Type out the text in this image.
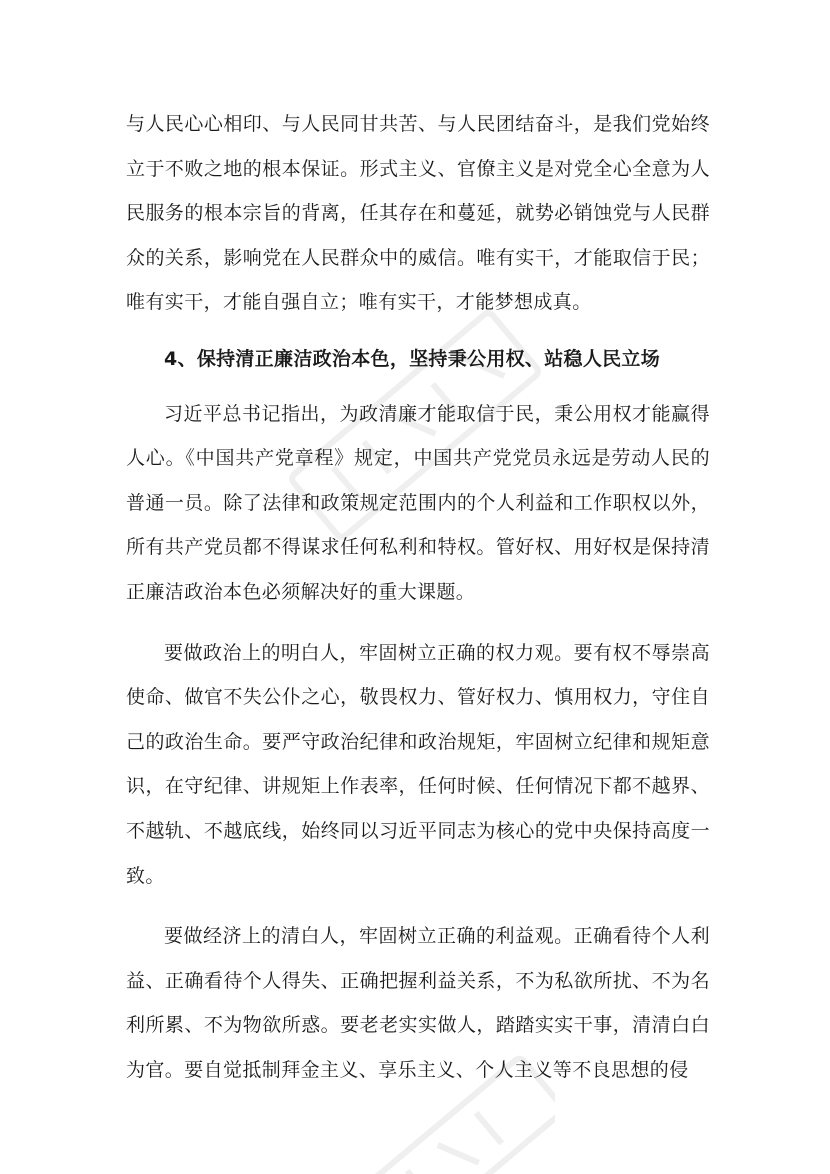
与人民心心相印、与人民同甘共苦、与人民团结奋斗，是我们党始终立于不败之地的根本保证。形式主义、官僚主义是对党全心全意为人民服务的根本宗旨的背离，任其存在和蔓延，就势必销蚀党与人民群众的关系，影响党在人民群众中的威信。唯有实干，才能取信于民；唯有实干，才能自强自立；唯有实干，才能梦想成真。

4、保持清正廉洁政治本色，坚持秉公用权、站稳人民立场

习近平总书记指出，为政清廉才能取信于民，秉公用权才能赢得人心。《中国共产党章程》规定，中国共产党党员永远是劳动人民的普通一员。除了法律和政策规定范围内的个人利益和工作职权以外，所有共产党员都不得谋求任何私利和特权。管好权、用好权是保持清正廉洁政治本色必须解决好的重大课题。

要做政治上的明白人，牢固树立正确的权力观。要有权不辱崇高使命、做官不失公仆之心，敬畏权力、管好权力、慎用权力，守住自己的政治生命。要严守政治纪律和政治规矩，牢固树立纪律和规矩意识，在守纪律、讲规矩上作表率，任何时候、任何情况下都不越界、不越轨、不越底线，始终同以习近平同志为核心的党中央保持高度一致。

要做经济上的清白人，牢固树立正确的利益观。正确看待个人利益、正确看待个人得失、正确把握利益关系，不为私欲所扰、不为名利所累、不为物欲所惑。要老老实实做人，踏踏实实干事，清清白白为官。要自觉抵制拜金主义、享乐主义、个人主义等不良思想的侵
